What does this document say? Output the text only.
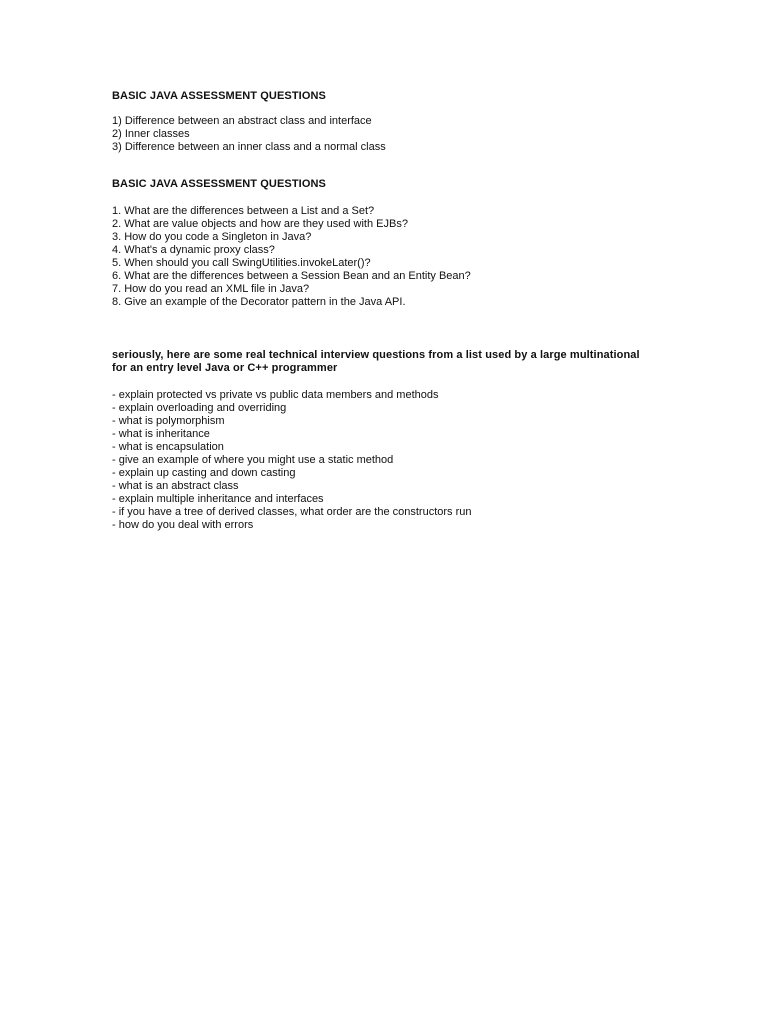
BASIC JAVA ASSESSMENT QUESTIONS
1) Difference between an abstract class and interface
2) Inner classes
3) Difference between an inner class and a normal class
BASIC JAVA ASSESSMENT QUESTIONS
1. What are the differences between a List and a Set?
2. What are value objects and how are they used with EJBs?
3. How do you code a Singleton in Java?
4. What's a dynamic proxy class?
5. When should you call SwingUtilities.invokeLater()?
6. What are the differences between a Session Bean and an Entity Bean?
7. How do you read an XML file in Java?
8. Give an example of the Decorator pattern in the Java API.
seriously, here are some real technical interview questions from a list used by a large multinational
for an entry level Java or C++ programmer
- explain protected vs private vs public data members and methods
- explain overloading and overriding
- what is polymorphism
- what is inheritance
- what is encapsulation
- give an example of where you might use a static method
- explain up casting and down casting
- what is an abstract class
- explain multiple inheritance and interfaces
- if you have a tree of derived classes, what order are the constructors run
- how do you deal with errors
